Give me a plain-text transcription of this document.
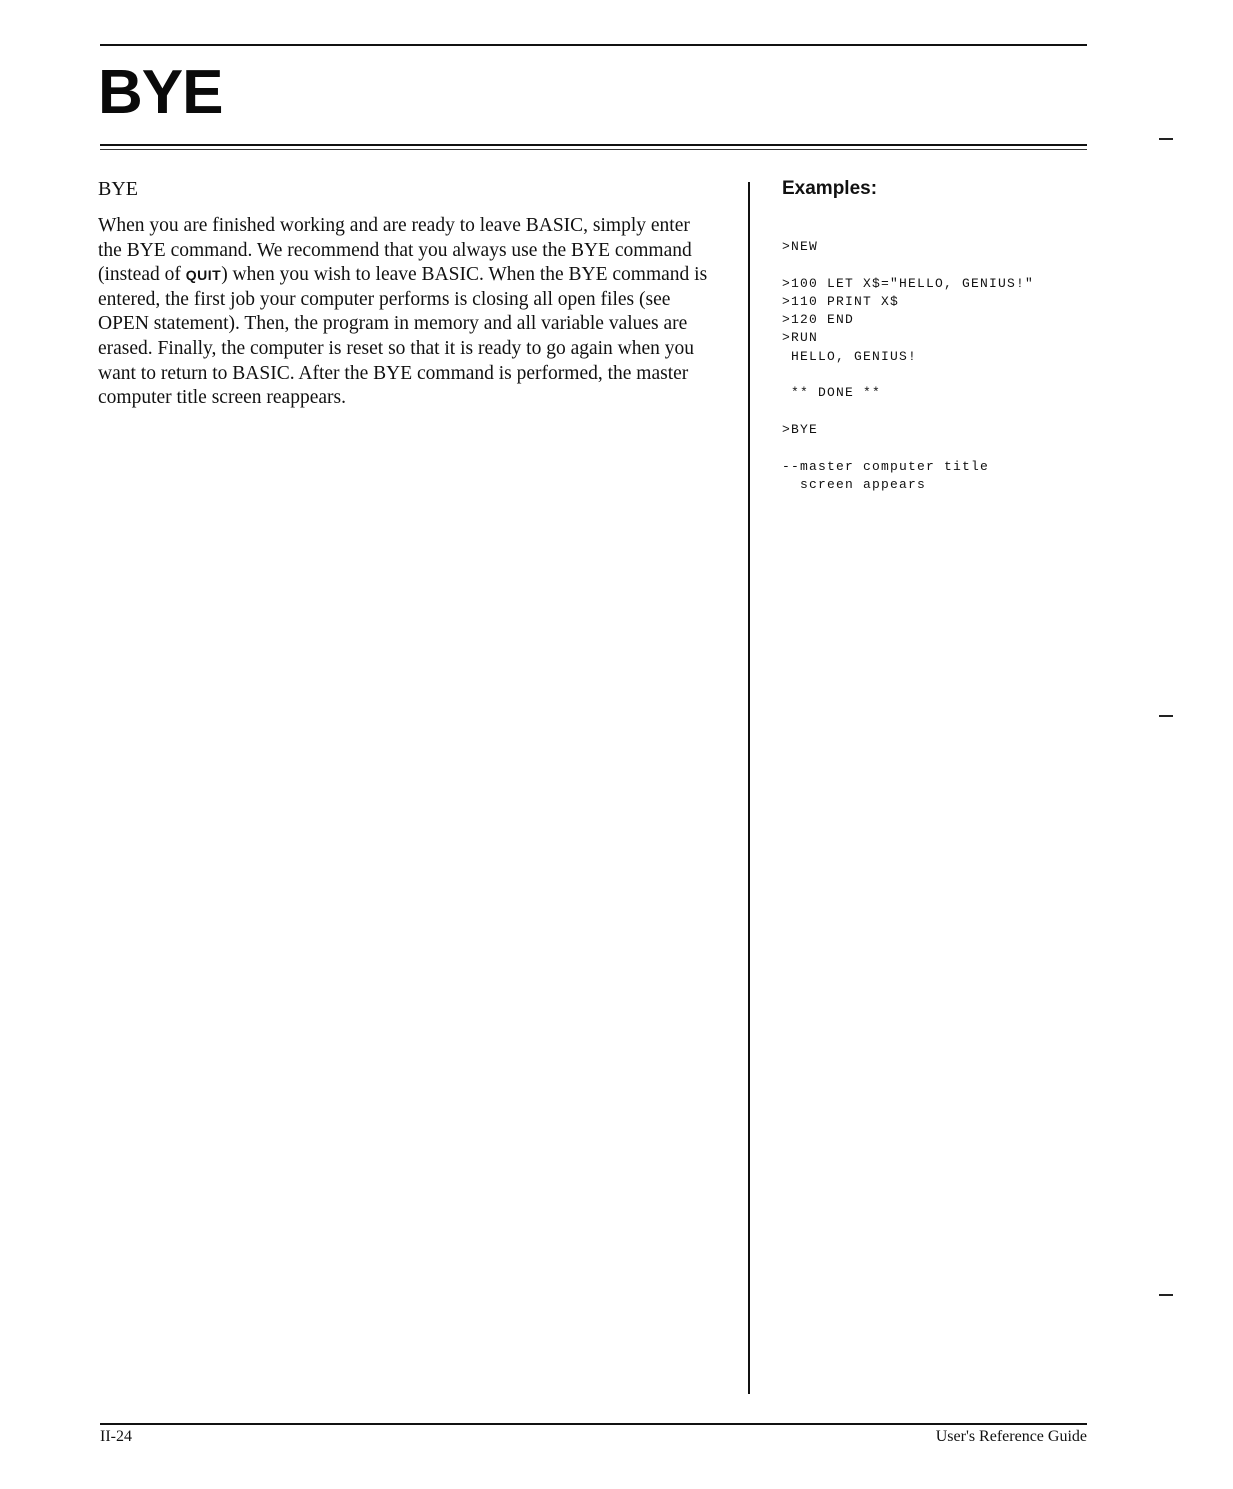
BYE

BYE

When you are finished working and are ready to leave BASIC, simply enter the BYE command. We recommend that you always use the BYE command (instead of QUIT) when you wish to leave BASIC. When the BYE command is entered, the first job your computer performs is closing all open files (see OPEN statement). Then, the program in memory and all variable values are erased. Finally, the computer is reset so that it is ready to go again when you want to return to BASIC. After the BYE command is performed, the master computer title screen reappears.

Examples:
>NEW

>100 LET X$="HELLO, GENIUS!"
>110 PRINT X$
>120 END
>RUN
HELLO, GENIUS!

** DONE **

>BYE

--master computer title
screen appears
II-24	User's Reference Guide
